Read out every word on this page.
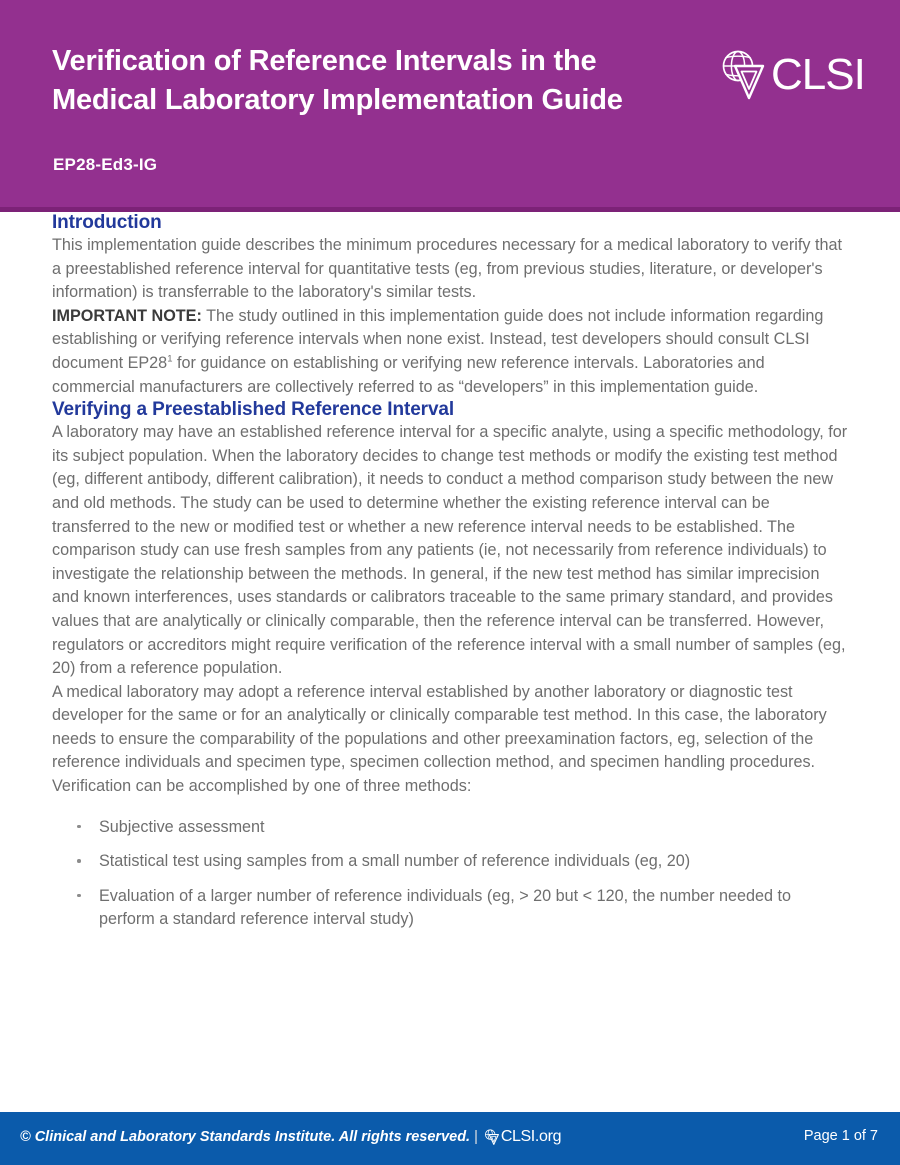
Verification of Reference Intervals in the Medical Laboratory Implementation Guide
EP28-Ed3-IG
CLSI
Introduction

This implementation guide describes the minimum procedures necessary for a medical laboratory to verify that a preestablished reference interval for quantitative tests (eg, from previous studies, literature, or developer's information) is transferrable to the laboratory's similar tests.

IMPORTANT NOTE: The study outlined in this implementation guide does not include information regarding establishing or verifying reference intervals when none exist. Instead, test developers should consult CLSI document EP28$^1$ for guidance on establishing or verifying new reference intervals. Laboratories and commercial manufacturers are collectively referred to as “developers” in this implementation guide.

Verifying a Preestablished Reference Interval

A laboratory may have an established reference interval for a specific analyte, using a specific methodology, for its subject population. When the laboratory decides to change test methods or modify the existing test method (eg, different antibody, different calibration), it needs to conduct a method comparison study between the new and old methods. The study can be used to determine whether the existing reference interval can be transferred to the new or modified test or whether a new reference interval needs to be established. The comparison study can use fresh samples from any patients (ie, not necessarily from reference individuals) to investigate the relationship between the methods. In general, if the new test method has similar imprecision and known interferences, uses standards or calibrators traceable to the same primary standard, and provides values that are analytically or clinically comparable, then the reference interval can be transferred. However, regulators or accreditors might require verification of the reference interval with a small number of samples (eg, 20) from a reference population.

A medical laboratory may adopt a reference interval established by another laboratory or diagnostic test developer for the same or for an analytically or clinically comparable test method. In this case, the laboratory needs to ensure the comparability of the populations and other preexamination factors, eg, selection of the reference individuals and specimen type, specimen collection method, and specimen handling procedures. Verification can be accomplished by one of three methods:

Subjective assessment
Statistical test using samples from a small number of reference individuals (eg, 20)
Evaluation of a larger number of reference individuals (eg, > 20 but < 120, the number needed to perform a standard reference interval study)
© Clinical and Laboratory Standards Institute. All rights reserved. | CLSI .org	Page 1 of 7
